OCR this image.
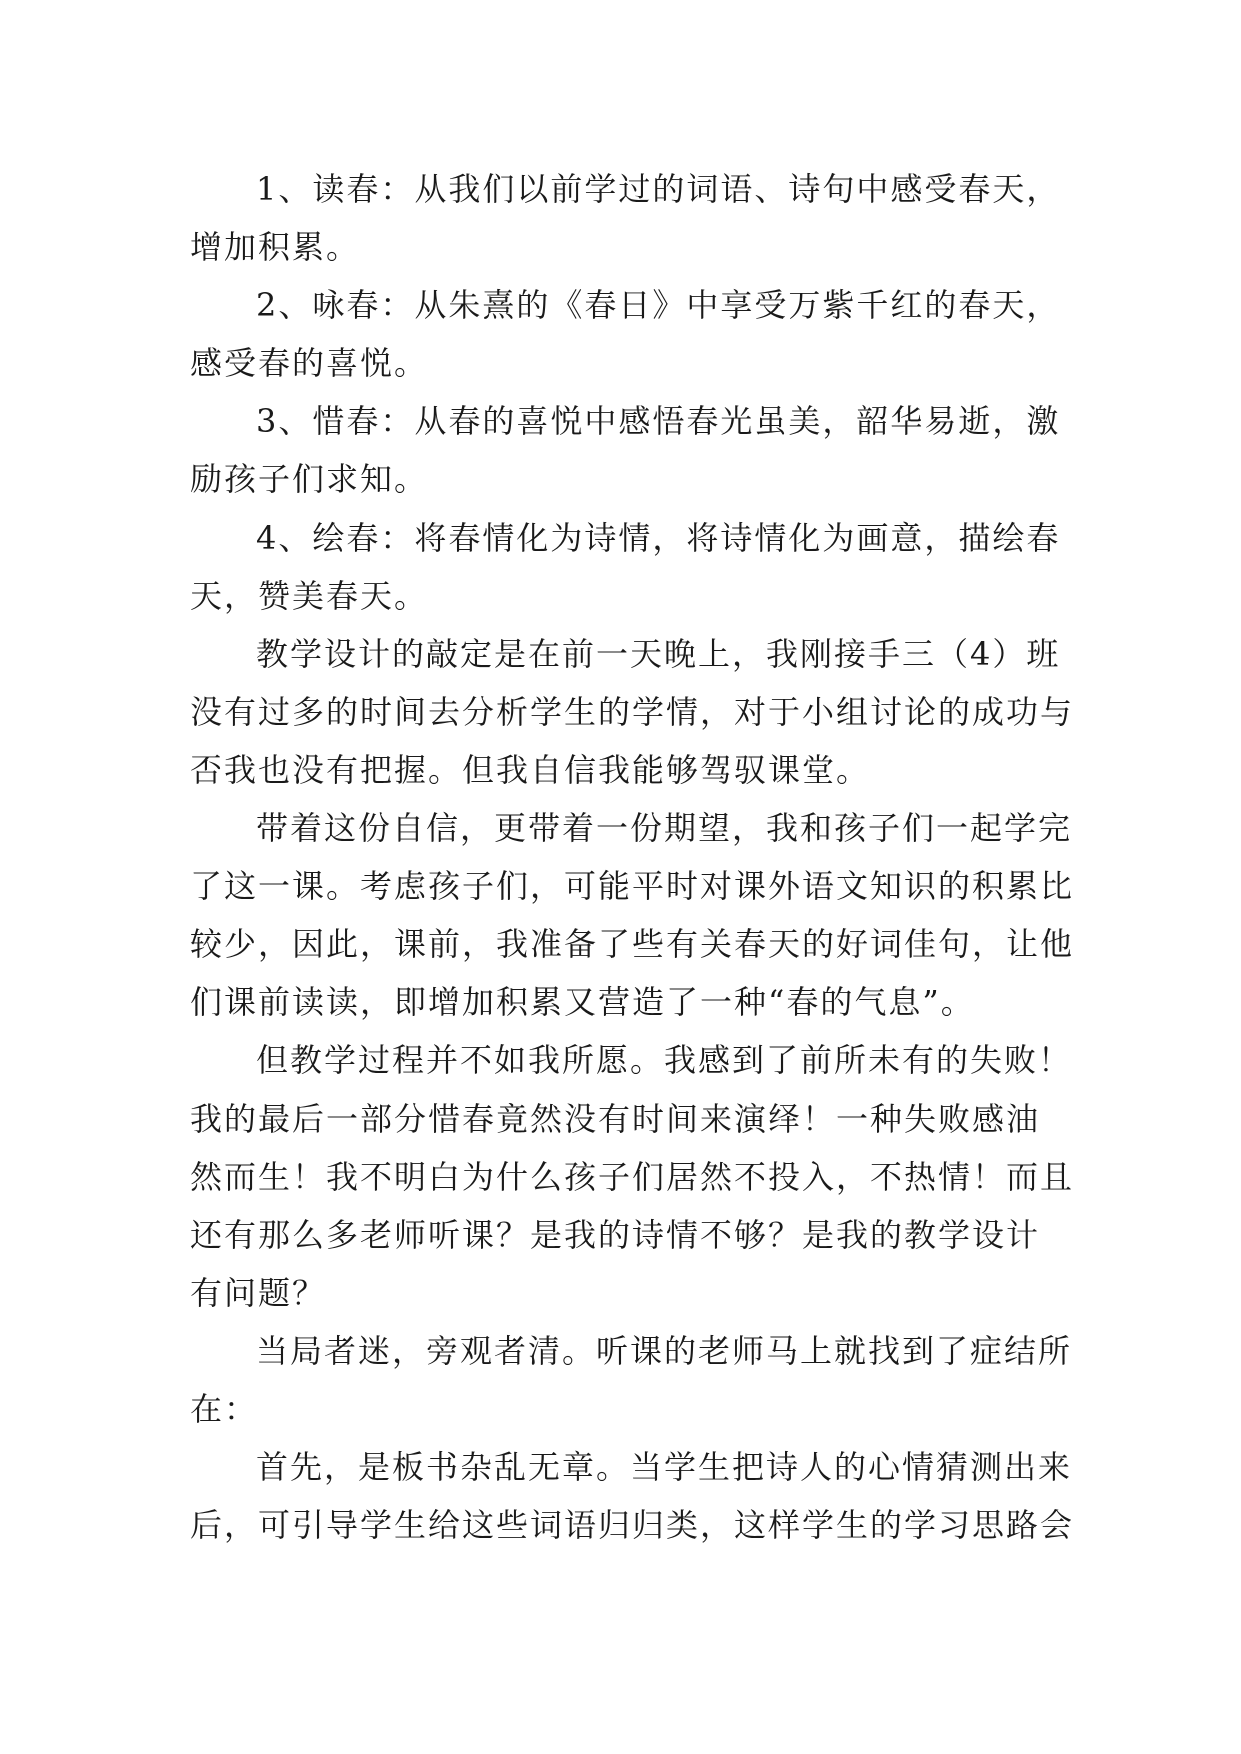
1、读春：从我们以前学过的词语、诗句中感受春天，
增加积累。
2、咏春：从朱熹的《春日》中享受万紫千红的春天，
感受春的喜悦。
3、惜春：从春的喜悦中感悟春光虽美，韶华易逝，激
励孩子们求知。
4、绘春：将春情化为诗情，将诗情化为画意，描绘春
天，赞美春天。
教学设计的敲定是在前一天晚上，我刚接手三（4）班
没有过多的时间去分析学生的学情，对于小组讨论的成功与
否我也没有把握。但我自信我能够驾驭课堂。
带着这份自信，更带着一份期望，我和孩子们一起学完
了这一课。考虑孩子们，可能平时对课外语文知识的积累比
较少，因此，课前，我准备了些有关春天的好词佳句，让他
们课前读读，即增加积累又营造了一种“春的气息”。
但教学过程并不如我所愿。我感到了前所未有的失败！
我的最后一部分惜春竟然没有时间来演绎！一种失败感油
然而生！我不明白为什么孩子们居然不投入，不热情！而且
还有那么多老师听课？是我的诗情不够？是我的教学设计
有问题？
当局者迷，旁观者清。听课的老师马上就找到了症结所
在：
首先，是板书杂乱无章。当学生把诗人的心情猜测出来
后，可引导学生给这些词语归归类，这样学生的学习思路会
